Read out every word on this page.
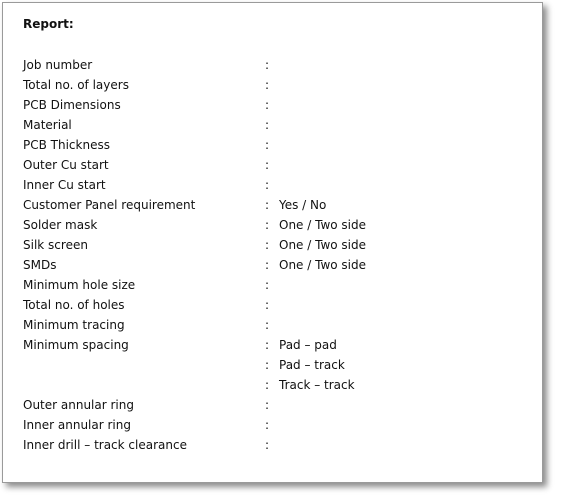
Report:
Job number	:
Total no. of layers	:
PCB Dimensions	:
Material	:
PCB Thickness	:
Outer Cu start	:
Inner Cu start	:
Customer Panel requirement	: Yes / No
Solder mask	: One / Two side
Silk screen	: One / Two side
SMDs	: One / Two side
Minimum hole size	:
Total no. of holes	:
Minimum tracing	:
Minimum spacing	: Pad – pad
: Pad – track
: Track – track
Outer annular ring	:
Inner annular ring	:
Inner drill – track clearance	:
